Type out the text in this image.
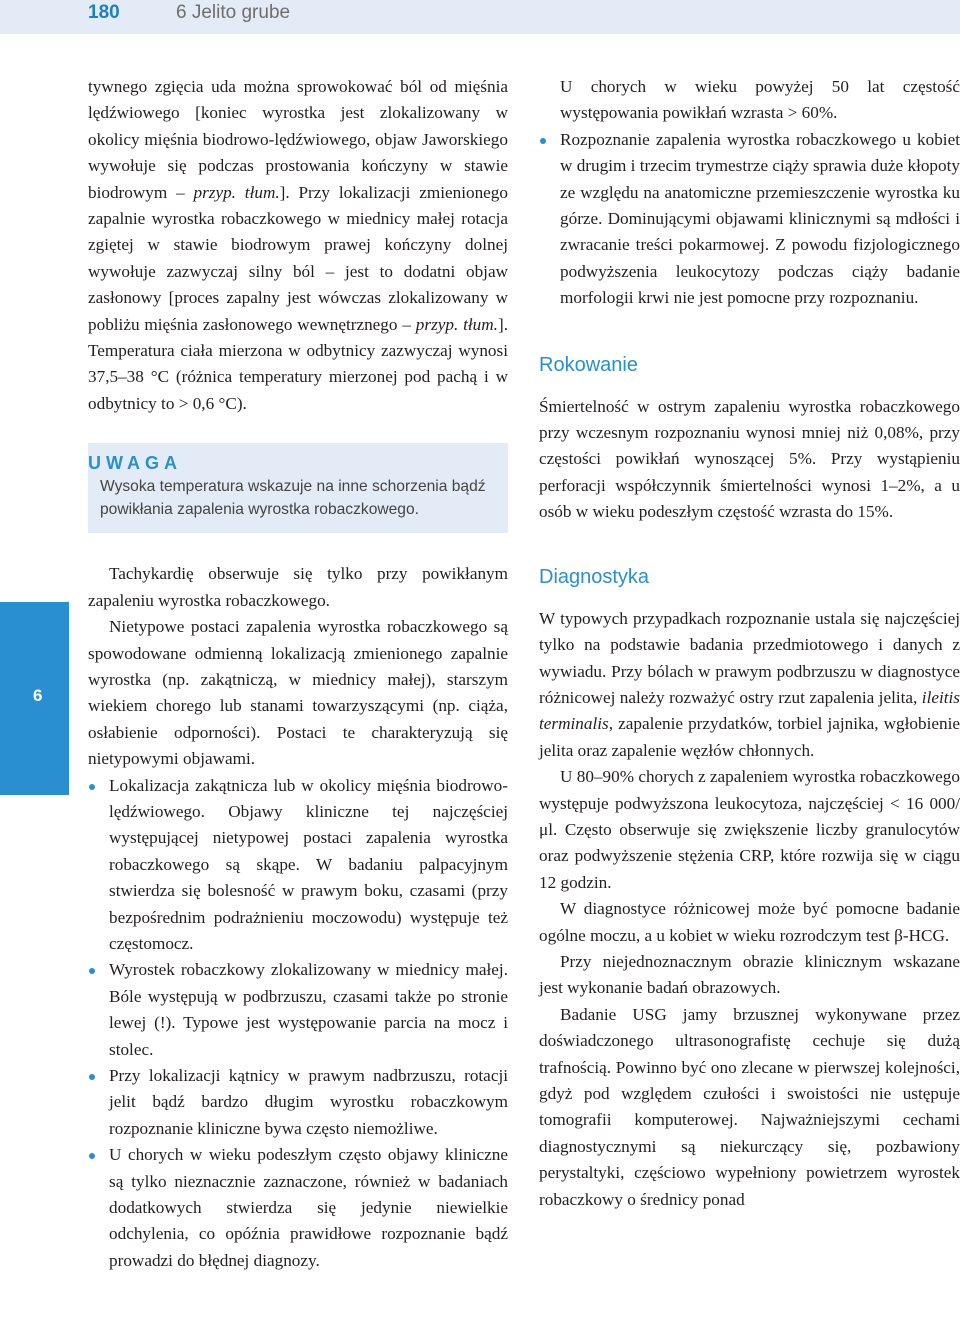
180	6 Jelito grube
6

tywnego zgięcia uda można sprowokować ból od mięśnia lędźwiowego [koniec wyrostka jest zlokalizowany w okolicy mięśnia biodrowo-lędźwiowego, objaw Jaworskiego wywołuje się podczas prostowania kończyny w stawie biodrowym – przyp. tłum.]. Przy lokalizacji zmienionego zapalnie wyrostka robaczkowego w miednicy małej rotacja zgiętej w stawie biodrowym prawej kończyny dolnej wywołuje zazwyczaj silny ból – jest to dodatni objaw zasłonowy [proces zapalny jest wówczas zlokalizowany w pobliżu mięśnia zasłonowego wewnętrznego – przyp. tłum.]. Temperatura ciała mierzona w odbytnicy zazwyczaj wynosi 37,5–38 °C (różnica temperatury mierzonej pod pachą i w odbytnicy to > 0,6 °C).

UWAGA
Wysoka temperatura wskazuje na inne schorzenia bądź powikłania zapalenia wyrostka robaczkowego.

Tachykardię obserwuje się tylko przy powikłanym zapaleniu wyrostka robaczkowego.

Nietypowe postaci zapalenia wyrostka robaczkowego są spowodowane odmienną lokalizacją zmienionego zapalnie wyrostka (np. zakątniczą, w miednicy małej), starszym wiekiem chorego lub stanami towarzyszącymi (np. ciąża, osłabienie odporności). Postaci te charakteryzują się nietypowymi objawami.

Lokalizacja zakątnicza lub w okolicy mięśnia biodrowo-lędźwiowego. Objawy kliniczne tej najczęściej występującej nietypowej postaci zapalenia wyrostka robaczkowego są skąpe. W badaniu palpacyjnym stwierdza się bolesność w prawym boku, czasami (przy bezpośrednim podrażnieniu moczowodu) występuje też częstomocz.
Wyrostek robaczkowy zlokalizowany w miednicy małej. Bóle występują w podbrzuszu, czasami także po stronie lewej (!). Typowe jest występowanie parcia na mocz i stolec.
Przy lokalizacji kątnicy w prawym nadbrzuszu, rotacji jelit bądź bardzo długim wyrostku robaczkowym rozpoznanie kliniczne bywa często niemożliwe.
U chorych w wieku podeszłym często objawy kliniczne są tylko nieznacznie zaznaczone, również w badaniach dodatkowych stwierdza się jedynie niewielkie odchylenia, co opóźnia prawidłowe rozpoznanie bądź prowadzi do błędnej diagnozy.
U chorych w wieku powyżej 50 lat częstość występowania powikłań wzrasta > 60%.
Rozpoznanie zapalenia wyrostka robaczkowego u kobiet w drugim i trzecim trymestrze ciąży sprawia duże kłopoty ze względu na anatomiczne przemieszczenie wyrostka ku górze. Dominującymi objawami klinicznymi są mdłości i zwracanie treści pokarmowej. Z powodu fizjologicznego podwyższenia leukocytozy podczas ciąży badanie morfologii krwi nie jest pomocne przy rozpoznaniu.
Rokowanie

Śmiertelność w ostrym zapaleniu wyrostka robaczkowego przy wczesnym rozpoznaniu wynosi mniej niż 0,08%, przy częstości powikłań wynoszącej 5%. Przy wystąpieniu perforacji współczynnik śmiertelności wynosi 1–2%, a u osób w wieku podeszłym częstość wzrasta do 15%.

Diagnostyka

W typowych przypadkach rozpoznanie ustala się najczęściej tylko na podstawie badania przedmiotowego i danych z wywiadu. Przy bólach w prawym podbrzuszu w diagnostyce różnicowej należy rozważyć ostry rzut zapalenia jelita, ileitis terminalis, zapalenie przydatków, torbiel jajnika, wgłobienie jelita oraz zapalenie węzłów chłonnych.

U 80–90% chorych z zapaleniem wyrostka robaczkowego występuje podwyższona leukocytoza, najczęściej < 16 000/μl. Często obserwuje się zwiększenie liczby granulocytów oraz podwyższenie stężenia CRP, które rozwija się w ciągu 12 godzin.

W diagnostyce różnicowej może być pomocne badanie ogólne moczu, a u kobiet w wieku rozrodczym test β-HCG.

Przy niejednoznacznym obrazie klinicznym wskazane jest wykonanie badań obrazowych.

Badanie USG jamy brzusznej wykonywane przez doświadczonego ultrasonografistę cechuje się dużą trafnością. Powinno być ono zlecane w pierwszej kolejności, gdyż pod względem czułości i swoistości nie ustępuje tomografii komputerowej. Najważniejszymi cechami diagnostycznymi są niekurczący się, pozbawiony perystaltyki, częściowo wypełniony powietrzem wyrostek robaczkowy o średnicy ponad
